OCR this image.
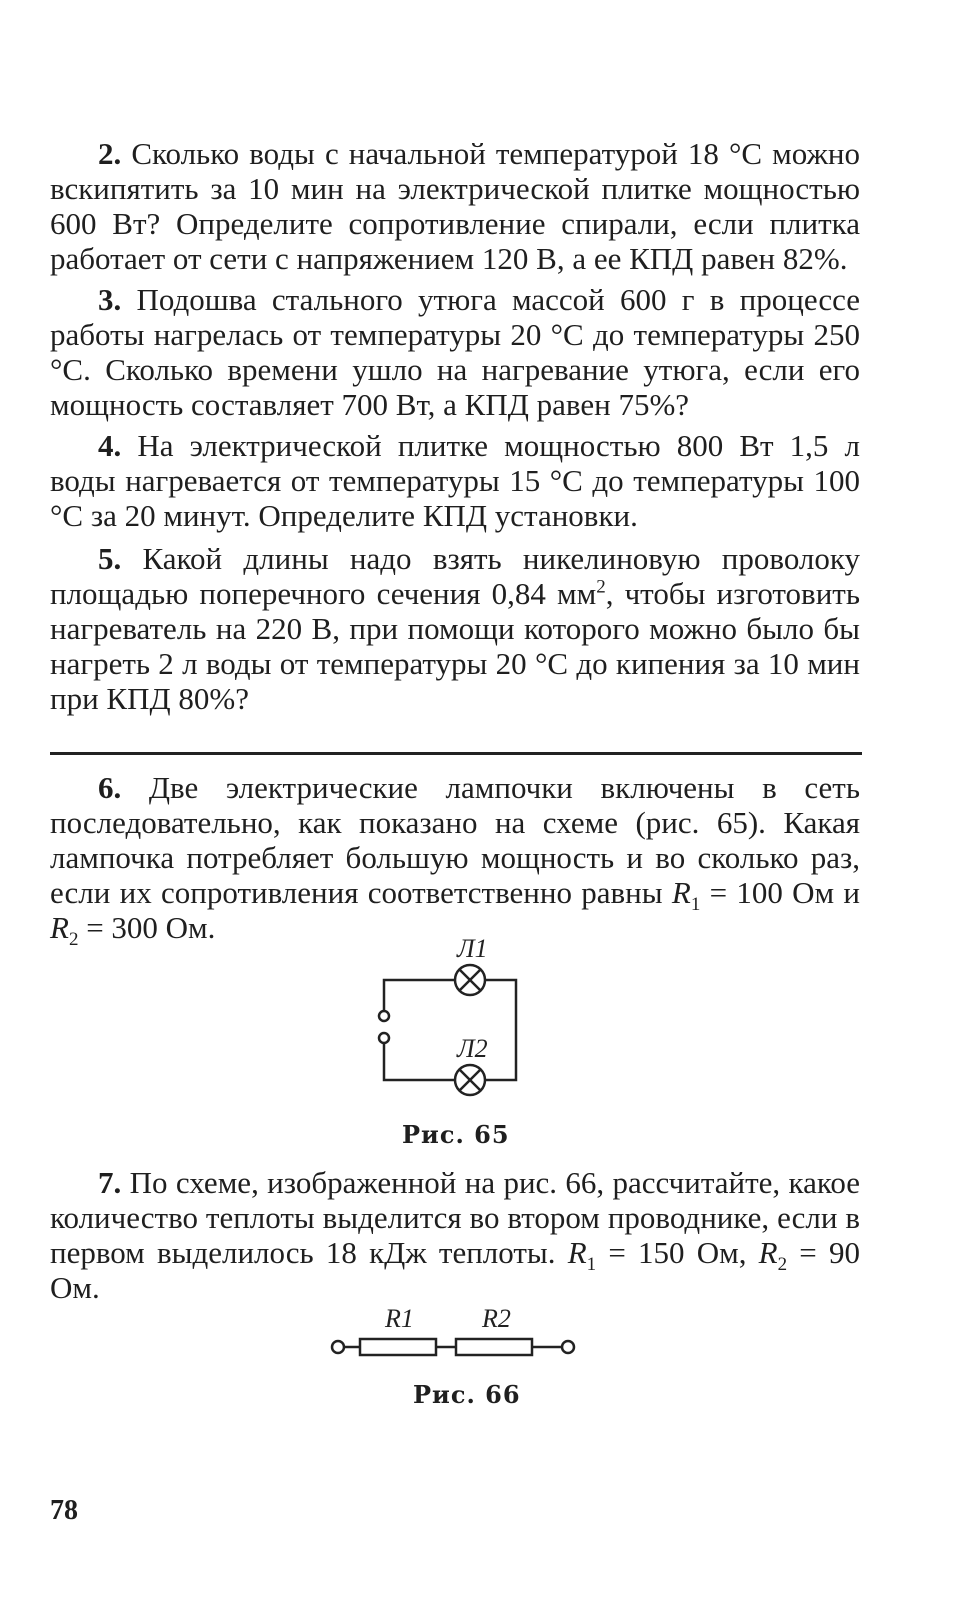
2. Сколько воды с начальной температурой 18 °С можно вскипятить за 10 мин на электрической плитке мощностью 600 Вт? Определите сопротивление спирали, если плитка работает от сети с напряжением 120 В, а ее КПД равен 82%.

3. Подошва стального утюга массой 600 г в процессе работы нагрелась от температуры 20 °С до температуры 250 °С. Сколько времени ушло на нагревание утюга, если его мощность составляет 700 Вт, а КПД равен 75%?

4. На электрической плитке мощностью 800 Вт 1,5 л воды нагревается от температуры 15 °С до температуры 100 °С за 20 минут. Определите КПД установки.

5. Какой длины надо взять никелиновую проволоку площадью поперечного сечения 0,84 $мм^2$, чтобы изготовить нагреватель на 220 В, при помощи которого можно было бы нагреть 2 л воды от температуры 20 °С до кипения за 10 мин при КПД 80%?

6. Две электрические лампочки включены в сеть последовательно, как показано на схеме (рис. 65). Какая лампочка потребляет большую мощность и во сколько раз, если их сопротивления соответственно равны $R_1 = 100$ Ом и $R_2 = 300$ Ом.

Л1
Л2
Рис. 65

7. По схеме, изображенной на рис. 66, рассчитайте, какое количество теплоты выделится во втором проводнике, если в первом выделилось 18 кДж теплоты. $R_1 = 150$ Ом, $R_2 = 90$ Ом.

R1	R2
Рис. 66
78
